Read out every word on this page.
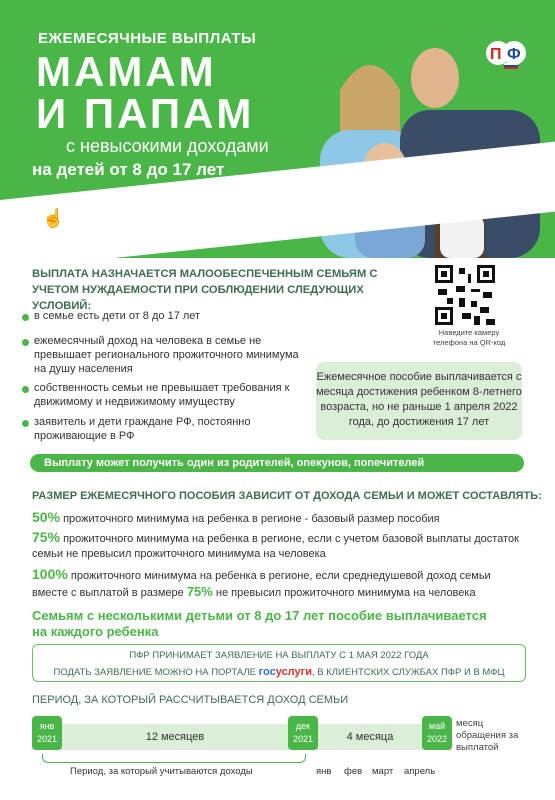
ЕЖЕМЕСЯЧНЫЕ ВЫПЛАТЫ
МАМАМ
И ПАПАМ
с невысокими доходами
на детей от 8 до 17 лет
PFR.GOV.RU
☝
П Ф
ВЫПЛАТА НАЗНАЧАЕТСЯ МАЛООБЕСПЕЧЕННЫМ СЕМЬЯМ С УЧЕТОМ НУЖДАЕМОСТИ ПРИ СОБЛЮДЕНИИ СЛЕДУЮЩИХ УСЛОВИЙ:
Наведите камеру телефона на QR-код
в семье есть дети от 8 до 17 лет
ежемесячный доход на человека в семье не превышает регионального прожиточного минимума на душу населения
собственность семьи не превышает требования к движимому и недвижимому имуществу
заявитель и дети граждане РФ, постоянно проживающие в РФ
Ежемесячное пособие выплачивается с месяца достижения ребенком 8-летнего возраста, но не раньше 1 апреля 2022 года, до достижения 17 лет
Выплату может получить один из родителей, опекунов, попечителей
РАЗМЕР ЕЖЕМЕСЯЧНОГО ПОСОБИЯ ЗАВИСИТ ОТ ДОХОДА СЕМЬИ И МОЖЕТ СОСТАВЛЯТЬ:
50% прожиточного минимума на ребенка в регионе - базовый размер пособия
75% прожиточного минимума на ребенка в регионе, если с учетом базовой выплаты достаток семьи не превысил прожиточного минимума на человека
100% прожиточного минимума на ребенка в регионе, если среднедушевой доход семьи вместе с выплатой в размере 75% не превысил прожиточного минимума на человека
Семьям с несколькими детьми от 8 до 17 лет пособие выплачивается на каждого ребенка
ПФР ПРИНИМАЕТ ЗАЯВЛЕНИЕ НА ВЫПЛАТУ С 1 МАЯ 2022 ГОДА
ПОДАТЬ ЗАЯВЛЕНИЕ МОЖНО НА ПОРТАЛЕ госуслуги, В КЛИЕНТСКИХ СЛУЖБАХ ПФР И В МФЦ
ПЕРИОД, ЗА КОТОРЫЙ РАССЧИТЫВАЕТСЯ ДОХОД СЕМЬИ
12 месяцев	4 месяца
янв 2021
дек 2021
май 2022
месяц обращения за выплатой
Период, за который учитываются доходы	янв фев март апрель
